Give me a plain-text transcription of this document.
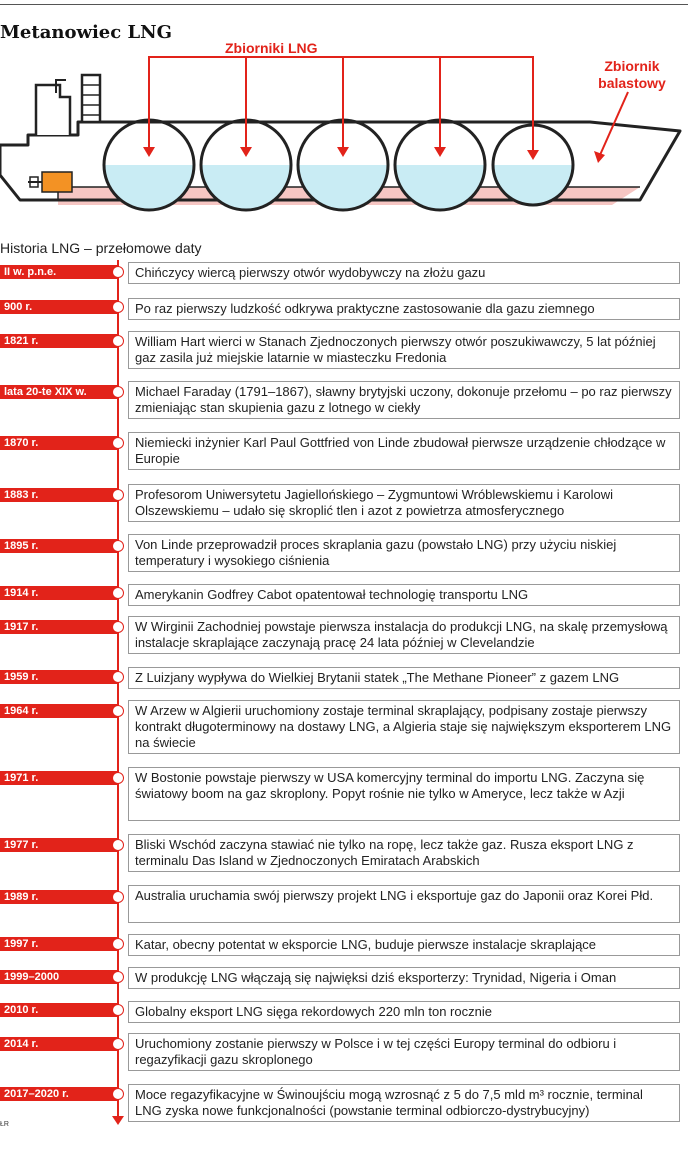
Metanowiec LNG
Zbiorniki LNG
Zbiornik balastowy
Historia LNG – przełomowe daty
II w. p.n.e.	Chińczycy wiercą pierwszy otwór wydobywczy na złożu gazu
900 r.	Po raz pierwszy ludzkość odkrywa praktyczne zastosowanie dla gazu ziemnego
1821 r.	William Hart wierci w Stanach Zjednoczonych pierwszy otwór poszukiwawczy, 5 lat później gaz zasila już miejskie latarnie w miasteczku Fredonia
lata 20-te XIX w.	Michael Faraday (1791–1867), sławny brytyjski uczony, dokonuje przełomu – po raz pierwszy zmieniając stan skupienia gazu z lotnego w ciekły
1870 r.	Niemiecki inżynier Karl Paul Gottfried von Linde zbudował pierwsze urządzenie chłodzące w Europie
1883 r.	Profesorom Uniwersytetu Jagiellońskiego – Zygmuntowi Wróblewskiemu i Karolowi Olszewskiemu – udało się skroplić tlen i azot z powietrza atmosferycznego
1895 r.	Von Linde przeprowadził proces skraplania gazu (powstało LNG) przy użyciu niskiej temperatury i wysokiego ciśnienia
1914 r.	Amerykanin Godfrey Cabot opatentował technologię transportu LNG
1917 r.	W Wirginii Zachodniej powstaje pierwsza instalacja do produkcji LNG, na skalę przemysłową instalacje skraplające zaczynają pracę 24 lata później w Clevelandzie
1959 r.	Z Luizjany wypływa do Wielkiej Brytanii statek „The Methane Pioneer” z gazem LNG
1964 r.	W Arzew w Algierii uruchomiony zostaje terminal skraplający, podpisany zostaje pierwszy kontrakt długoterminowy na dostawy LNG, a Algieria staje się największym eksporterem LNG na świecie
1971 r.	W Bostonie powstaje pierwszy w USA komercyjny terminal do importu LNG. Zaczyna się światowy boom na gaz skroplony. Popyt rośnie nie tylko w Ameryce, lecz także w Azji
1977 r.	Bliski Wschód zaczyna stawiać nie tylko na ropę, lecz także gaz. Rusza eksport LNG z terminalu Das Island w Zjednoczonych Emiratach Arabskich
1989 r.	Australia uruchamia swój pierwszy projekt LNG i eksportuje gaz do Japonii oraz Korei Płd.
1997 r.	Katar, obecny potentat w eksporcie LNG, buduje pierwsze instalacje skraplające
1999–2000	W produkcję LNG włączają się najwięksi dziś eksporterzy: Trynidad, Nigeria i Oman
2010 r.	Globalny eksport LNG sięga rekordowych 220 mln ton rocznie
2014 r.	Uruchomiony zostanie pierwszy w Polsce i w tej części Europy terminal do odbioru i regazyfikacji gazu skroplonego
2017–2020 r.	Moce regazyfikacyjne w Świnoujściu mogą wzrosnąć z 5 do 7,5 mld m³ rocznie, terminal LNG zyska nowe funkcjonalności (powstanie terminal odbiorczo-dystrybucyjny)
ŁR
